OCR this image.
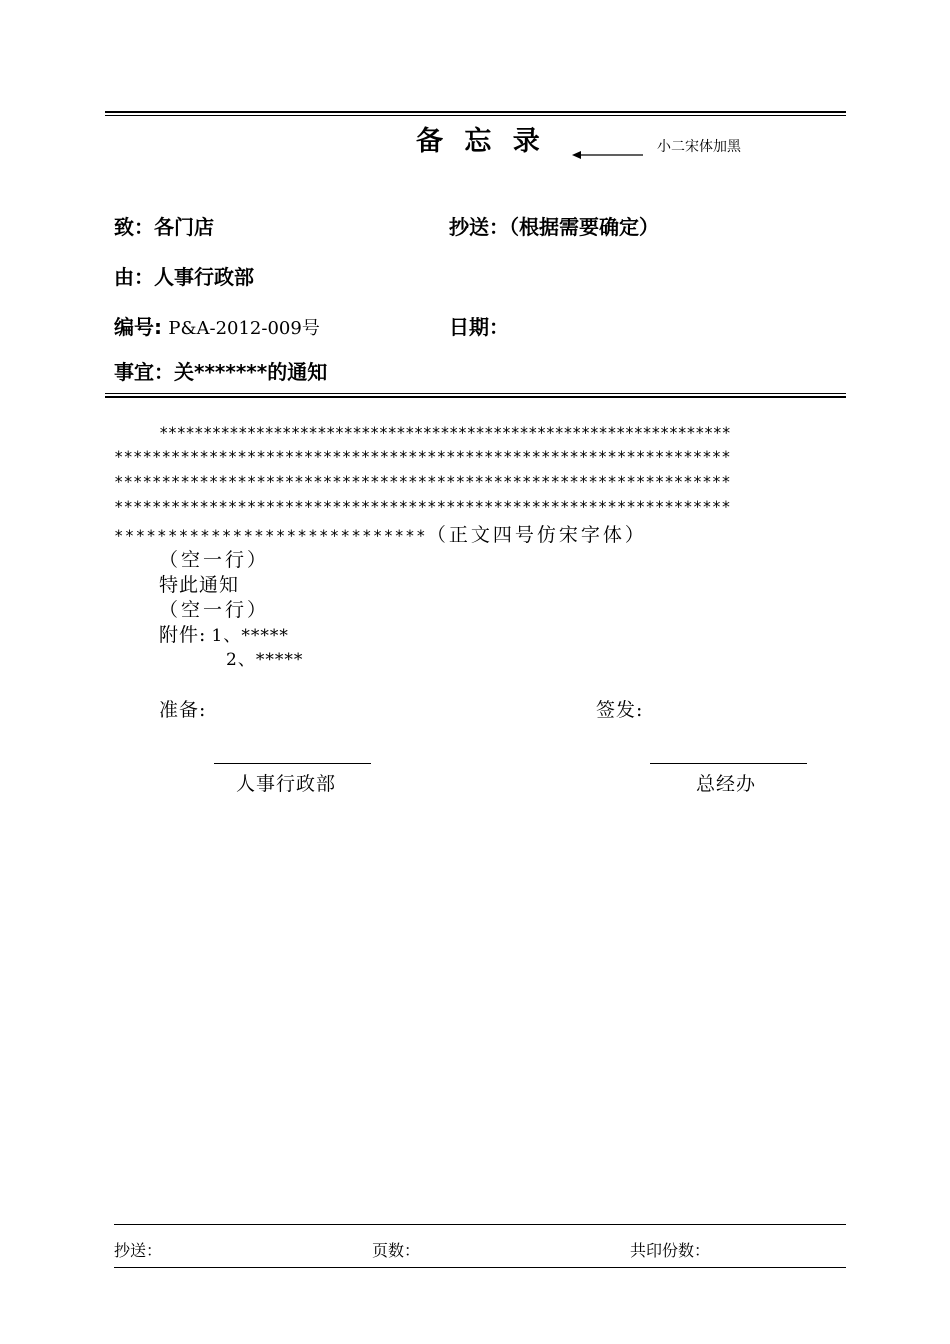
备 忘 录	小二宋体加黑
致：各门店	抄送：（根据需要确定）
由：人事行政部
编号: P&A-2012-009号	日期：
事宜：关*******的通知
*****************************************************************
*****************************************************************
*****************************************************************
*****************************************************************
*****************************（正文四号仿宋字体）
（空一行）
特此通知
（空一行）
附件: 1、*****
2、*****
准备:	签发:
人事行政部	总经办
抄送：	页数：	共印份数：
